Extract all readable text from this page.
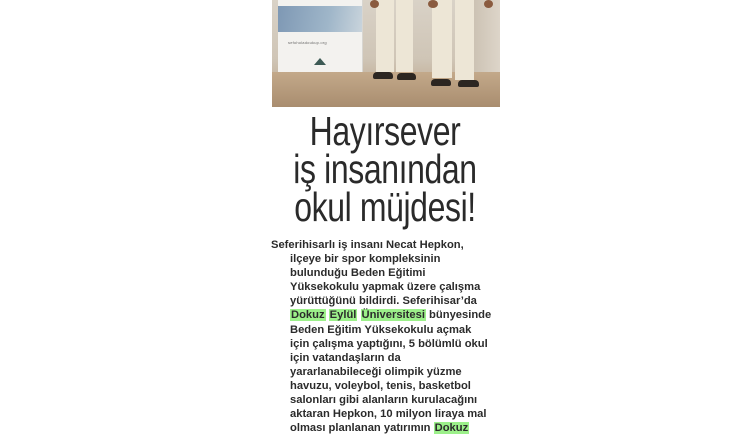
sefoholadoukup.org
Hayırsever
iş insanından
okul müjdesi!
Seferihisarlı iş insanı Necat Hepkon,
ilçeye bir spor kompleksinin
bulunduğu Beden Eğitimi
Yüksekokulu yapmak üzere çalışma
yürüttüğünü bildirdi. Seferihisar’da
Dokuz Eylül Üniversitesi bünyesinde
Beden Eğitim Yüksekokulu açmak
için çalışma yaptığını, 5 bölümlü okul
için vatandaşların da
yararlanabileceği olimpik yüzme
havuzu, voleybol, tenis, basketbol
salonları gibi alanların kurulacağını
aktaran Hepkon, 10 milyon liraya mal
olması planlanan yatırımın Dokuz
